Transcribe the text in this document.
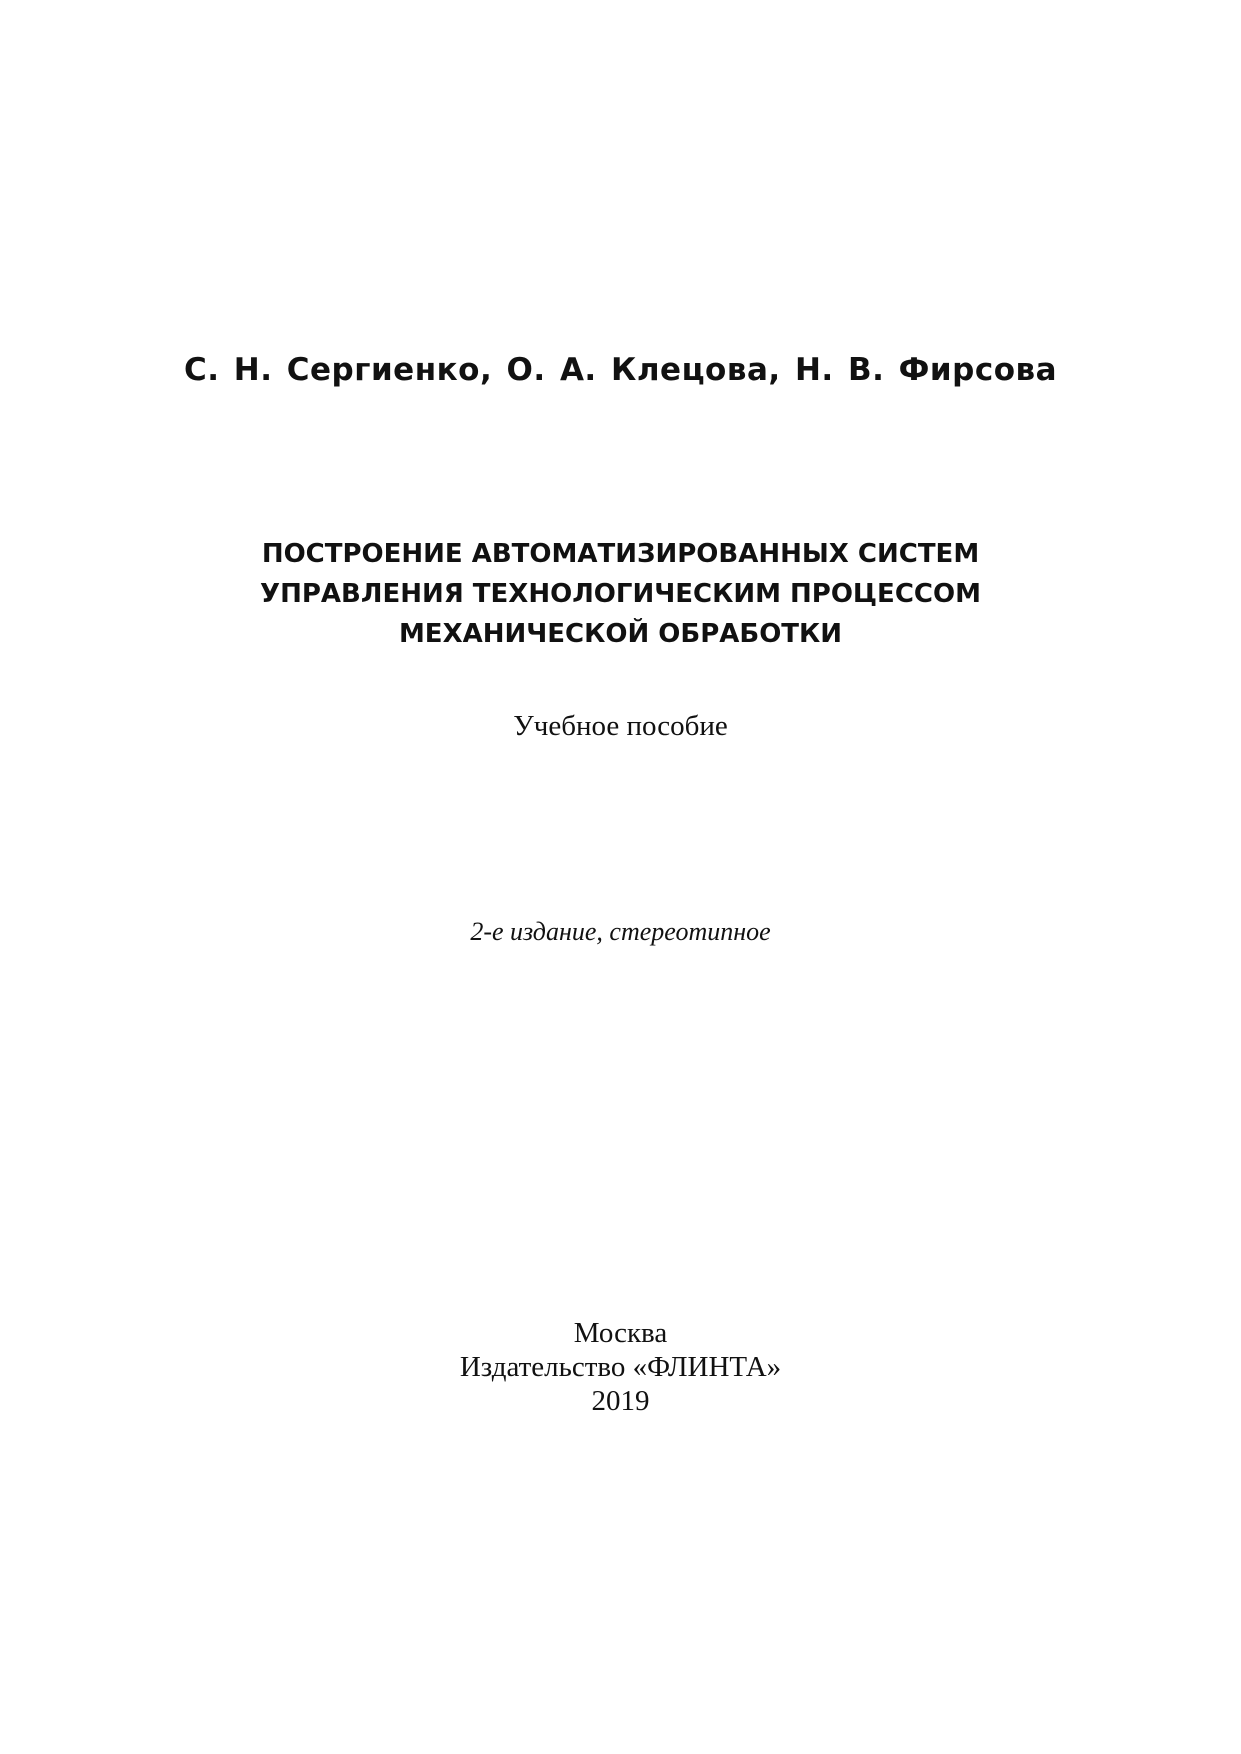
С. Н. Сергиенко, О. А. Клецова, Н. В. Фирсова
ПОСТРОЕНИЕ АВТОМАТИЗИРОВАННЫХ СИСТЕМ
УПРАВЛЕНИЯ ТЕХНОЛОГИЧЕСКИМ ПРОЦЕССОМ
МЕХАНИЧЕСКОЙ ОБРАБОТКИ
Учебное пособие
2-е издание, стереотипное
Москва
Издательство «ФЛИНТА»
2019
